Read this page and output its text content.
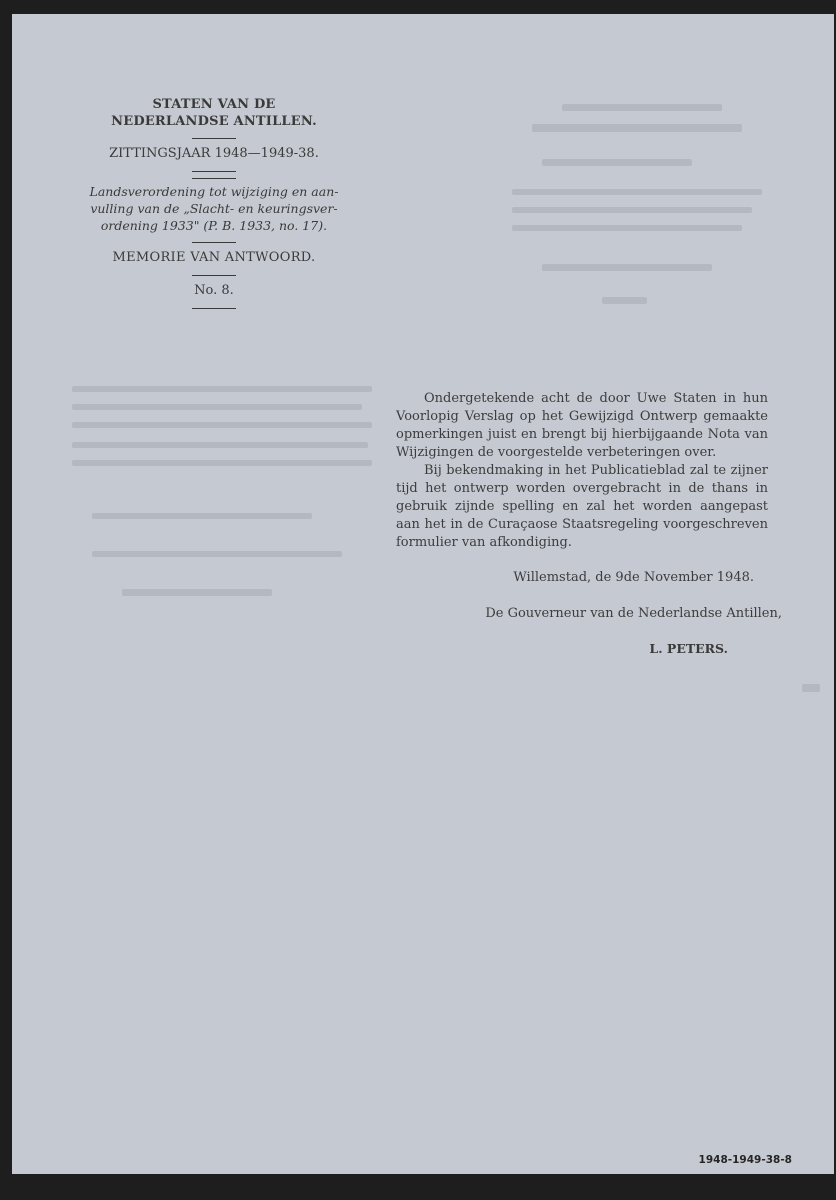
STATEN VAN DE
NEDERLANDSE ANTILLEN.
ZITTINGSJAAR 1948—1949-38.
Landsverordening tot wijziging en aan-
vulling van de „Slacht- en keuringsver-
ordening 1933" (P. B. 1933, no. 17).
MEMORIE VAN ANTWOORD.
No. 8.

Ondergetekende acht de door Uwe Staten in hun Voorlopig Verslag op het Gewijzigd Ontwerp gemaakte opmerkingen juist en brengt bij hierbijgaande Nota van Wijzigingen de voorgestelde verbeteringen over.

Bij bekendmaking in het Publicatieblad zal te zijner tijd het ontwerp worden overgebracht in de thans in gebruik zijnde spelling en zal het worden aangepast aan het in de Curaçaose Staatsregeling voorgeschreven formulier van afkondiging.

Willemstad, de 9de November 1948.
De Gouverneur van de Nederlandse Antillen,
L. PETERS.
1948-1949-38-8
